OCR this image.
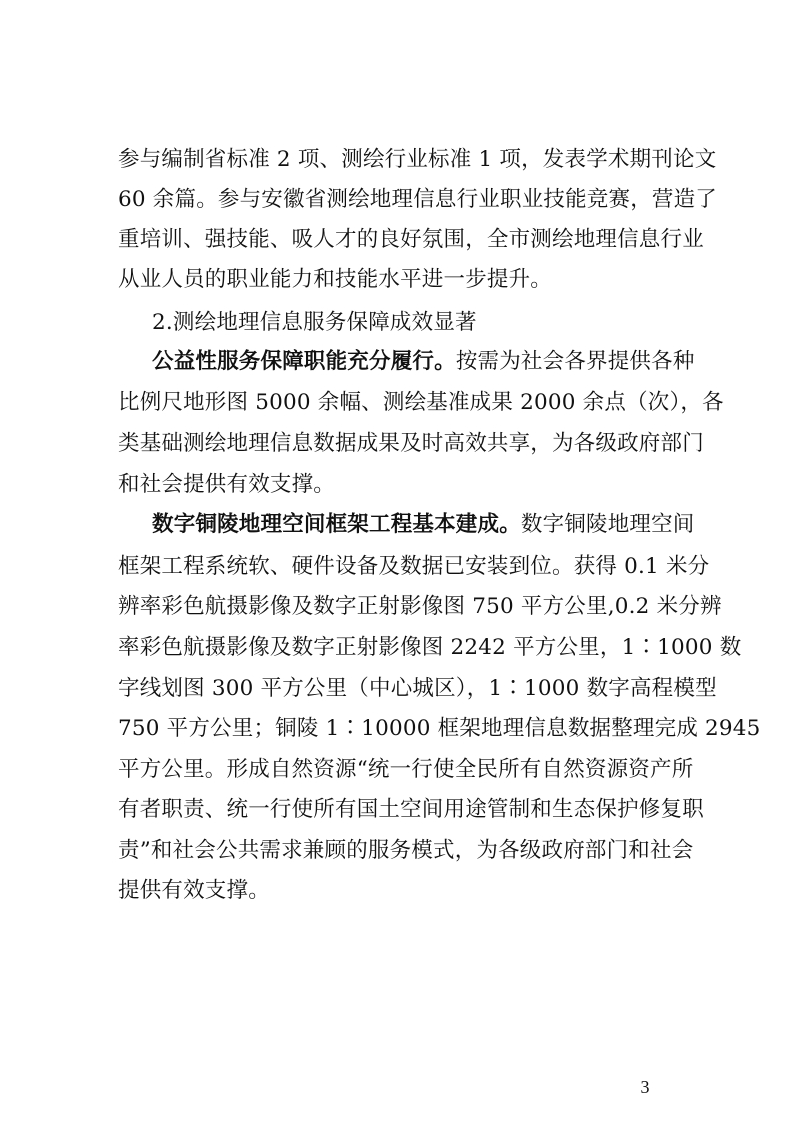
参与编制省标准 2 项、测绘行业标准 1 项，发表学术期刊论文
60 余篇。参与安徽省测绘地理信息行业职业技能竞赛，营造了
重培训、强技能、吸人才的良好氛围，全市测绘地理信息行业
从业人员的职业能力和技能水平进一步提升。
2.测绘地理信息服务保障成效显著
公益性服务保障职能充分履行。按需为社会各界提供各种
比例尺地形图 5000 余幅、测绘基准成果 2000 余点（次），各
类基础测绘地理信息数据成果及时高效共享，为各级政府部门
和社会提供有效支撑。
数字铜陵地理空间框架工程基本建成。数字铜陵地理空间
框架工程系统软、硬件设备及数据已安装到位。获得 0.1 米分
辨率彩色航摄影像及数字正射影像图 750 平方公里,0.2 米分辨
率彩色航摄影像及数字正射影像图 2242 平方公里，1∶1000 数
字线划图 300 平方公里（中心城区），1∶1000 数字高程模型
750 平方公里；铜陵 1∶10000 框架地理信息数据整理完成 2945
平方公里。形成自然资源“统一行使全民所有自然资源资产所
有者职责、统一行使所有国土空间用途管制和生态保护修复职
责”和社会公共需求兼顾的服务模式，为各级政府部门和社会
提供有效支撑。
3
